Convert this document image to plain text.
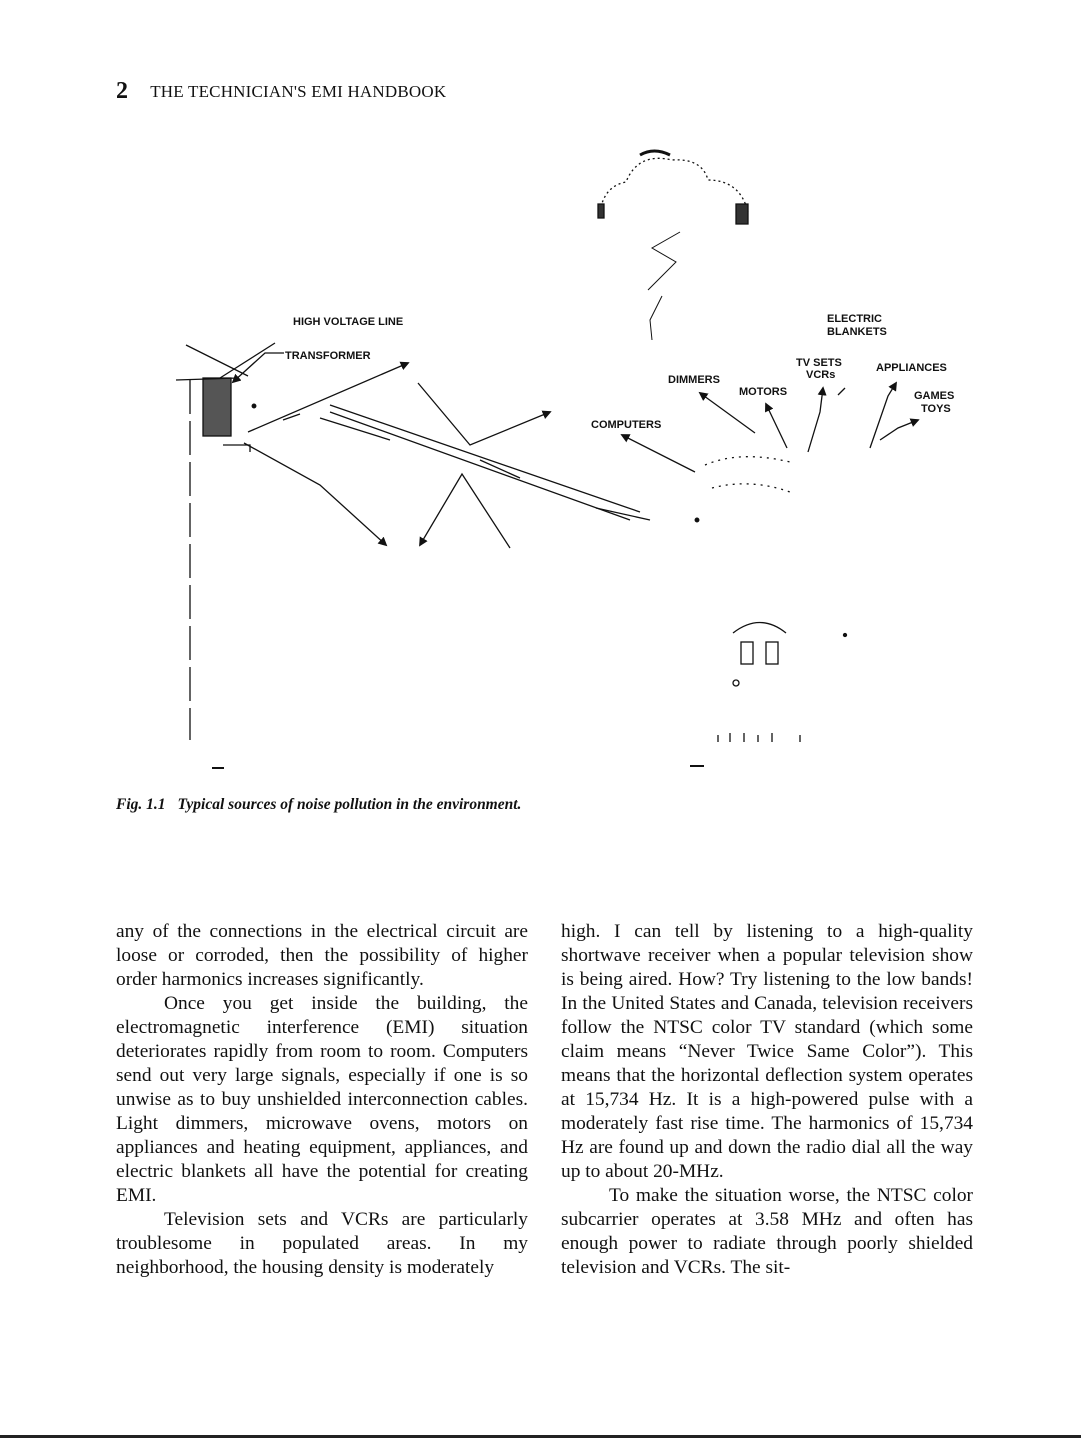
2 THE TECHNICIAN'S EMI HANDBOOK
HIGH VOLTAGE LINE
TRANSFORMER
ELECTRIC
BLANKETS
TV SETS
VCRs
APPLIANCES
DIMMERS
MOTORS	GAMES
TOYS
COMPUTERS
Fig. 1.1 Typical sources of noise pollution in the environment.

any of the connections in the electrical circuit are loose or corroded, then the possibility of higher order harmonics increases significantly.

Once you get inside the building, the electromagnetic interference (EMI) situation deteriorates rapidly from room to room. Computers send out very large signals, especially if one is so unwise as to buy unshielded interconnection cables. Light dimmers, microwave ovens, motors on appliances and heating equipment, appliances, and electric blankets all have the potential for creating EMI.

Television sets and VCRs are particularly troublesome in populated areas. In my neighborhood, the housing density is moderately

high. I can tell by listening to a high-quality shortwave receiver when a popular television show is being aired. How? Try listening to the low bands! In the United States and Canada, television receivers follow the NTSC color TV standard (which some claim means “Never Twice Same Color”). This means that the horizontal deflection system operates at 15,734 Hz. It is a high-powered pulse with a moderately fast rise time. The harmonics of 15,734 Hz are found up and down the radio dial all the way up to about 20-MHz.

To make the situation worse, the NTSC color subcarrier operates at 3.58 MHz and often has enough power to radiate through poorly shielded television and VCRs. The sit-
